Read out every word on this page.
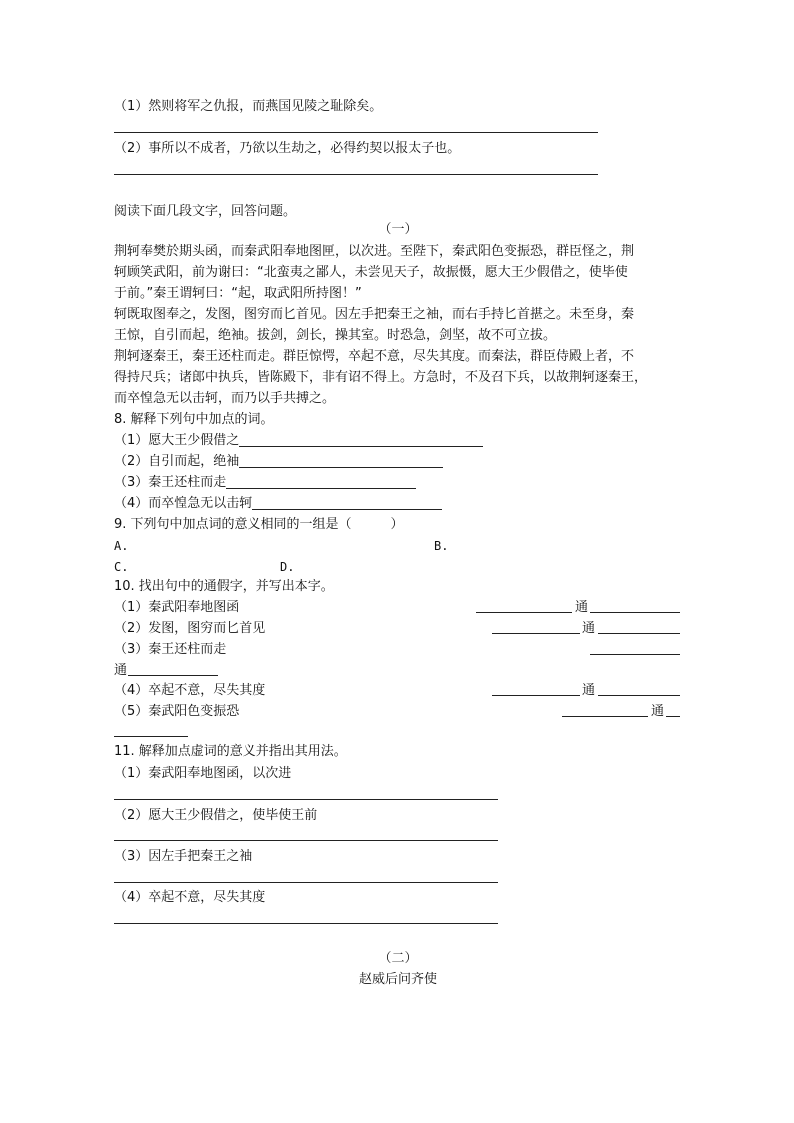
（1）然则将军之仇报，而燕国见陵之耻除矣。
（2）事所以不成者，乃欲以生劫之，必得约契以报太子也。
阅读下面几段文字，回答问题。
（一）
荆轲奉樊於期头函，而秦武阳奉地图匣，以次进。至陛下，秦武阳色变振恐，群臣怪之，荆
轲顾笑武阳，前为谢曰：“北蛮夷之鄙人，未尝见天子，故振慑，愿大王少假借之，使毕使
于前。”秦王谓轲曰：“起，取武阳所持图！”
轲既取图奉之，发图，图穷而匕首见。因左手把秦王之袖，而右手持匕首揕之。未至身，秦
王惊，自引而起，绝袖。拔剑，剑长，操其室。时恐急，剑坚，故不可立拔。
荆轲逐秦王，秦王还柱而走。群臣惊愕，卒起不意，尽失其度。而秦法，群臣侍殿上者，不
得持尺兵；诸郎中执兵，皆陈殿下，非有诏不得上。方急时，不及召下兵，以故荆轲逐秦王，
而卒惶急无以击轲，而乃以手共搏之。
8. 解释下列句中加点的词。
（1）愿大王少假借之
（2）自引而起，绝袖
（3）秦王还柱而走
（4）而卒惶急无以击轲
9. 下列句中加点词的意义相同的一组是（　　　）
A.	B.
C.	D.
10. 找出句中的通假字，并写出本字。
（1）秦武阳奉地图函	通
（2）发图，图穷而匕首见	通
（3）秦王还柱而走
通
（4）卒起不意，尽失其度	通
（5）秦武阳色变振恐	通
11. 解释加点虚词的意义并指出其用法。
（1）秦武阳奉地图函，以次进
（2）愿大王少假借之，使毕使王前
（3）因左手把秦王之袖
（4）卒起不意，尽失其度
（二）
赵威后问齐使
